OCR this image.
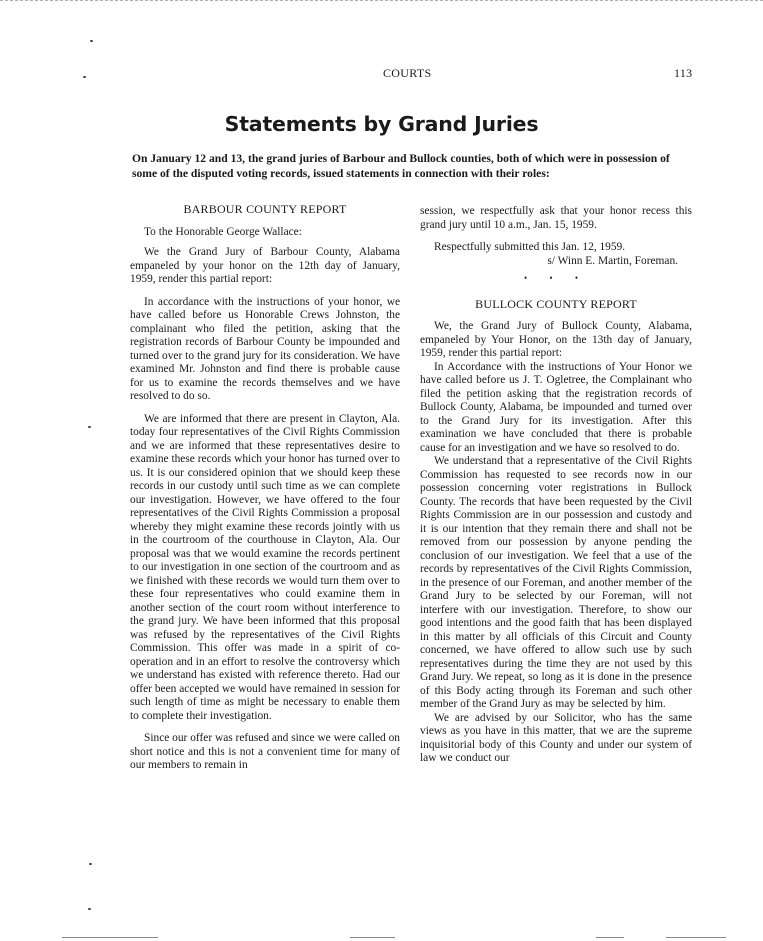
COURTS	113
Statements by Grand Juries
On January 12 and 13, the grand juries of Barbour and Bullock counties, both of which were in possession of some of the disputed voting records, issued statements in connection with their roles:
BARBOUR COUNTY REPORT

To the Honorable George Wallace:

We the Grand Jury of Barbour County, Alabama empaneled by your honor on the 12th day of January, 1959, render this partial report:

In accordance with the instructions of your honor, we have called before us Honorable Crews Johnston, the complainant who filed the petition, asking that the registration records of Barbour County be impounded and turned over to the grand jury for its consideration. We have examined Mr. Johnston and find there is probable cause for us to examine the records themselves and we have resolved to do so.

We are informed that there are present in Clayton, Ala. today four representatives of the Civil Rights Commission and we are informed that these representatives desire to examine these records which your honor has turned over to us. It is our considered opinion that we should keep these records in our custody until such time as we can complete our investigation. However, we have offered to the four representatives of the Civil Rights Commission a proposal whereby they might examine these records jointly with us in the courtroom of the courthouse in Clayton, Ala. Our proposal was that we would examine the records pertinent to our investigation in one section of the courtroom and as we finished with these records we would turn them over to these four representatives who could examine them in another section of the court room without interference to the grand jury. We have been informed that this proposal was refused by the representatives of the Civil Rights Commission. This offer was made in a spirit of co-operation and in an effort to resolve the controversy which we understand has existed with reference thereto. Had our offer been accepted we would have remained in session for such length of time as might be necessary to enable them to complete their investigation.

Since our offer was refused and since we were called on short notice and this is not a convenient time for many of our members to remain in

session, we respectfully ask that your honor recess this grand jury until 10 a.m., Jan. 15, 1959.

Respectfully submitted this Jan. 12, 1959.

s/ Winn E. Martin, Foreman.

• • •
BULLOCK COUNTY REPORT

We, the Grand Jury of Bullock County, Alabama, empaneled by Your Honor, on the 13th day of January, 1959, render this partial report:

In Accordance with the instructions of Your Honor we have called before us J. T. Ogletree, the Complainant who filed the petition asking that the registration records of Bullock County, Alabama, be impounded and turned over to the Grand Jury for its investigation. After this examination we have concluded that there is probable cause for an investigation and we have so resolved to do.

We understand that a representative of the Civil Rights Commission has requested to see records now in our possession concerning voter registrations in Bullock County. The records that have been requested by the Civil Rights Commission are in our possession and custody and it is our intention that they remain there and shall not be removed from our possession by anyone pending the conclusion of our investigation. We feel that a use of the records by representatives of the Civil Rights Commission, in the presence of our Foreman, and another member of the Grand Jury to be selected by our Foreman, will not interfere with our investigation. Therefore, to show our good intentions and the good faith that has been displayed in this matter by all officials of this Circuit and County concerned, we have offered to allow such use by such representatives during the time they are not used by this Grand Jury. We repeat, so long as it is done in the presence of this Body acting through its Foreman and such other member of the Grand Jury as may be selected by him.

We are advised by our Solicitor, who has the same views as you have in this matter, that we are the supreme inquisitorial body of this County and under our system of law we conduct our
